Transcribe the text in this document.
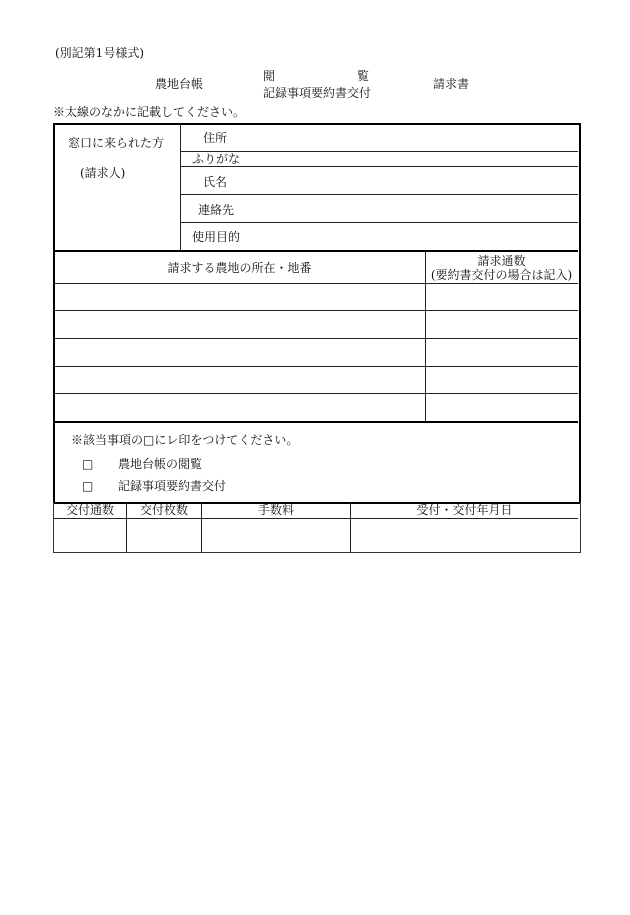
(別記第1号様式)
農地台帳
閲	覧
記録事項要約書交付
請求書
※太線のなかに記載してください。
窓口に来られた方
(請求人)
住所
ふりがな
氏名
連絡先
使用目的
請求する農地の所在・地番	請求通数
(要約書交付の場合は記入)
※該当事項の□にレ印をつけてください。
□ 農地台帳の閲覧
□ 記録事項要約書交付
交付通数	交付枚数	手数料	受付・交付年月日
